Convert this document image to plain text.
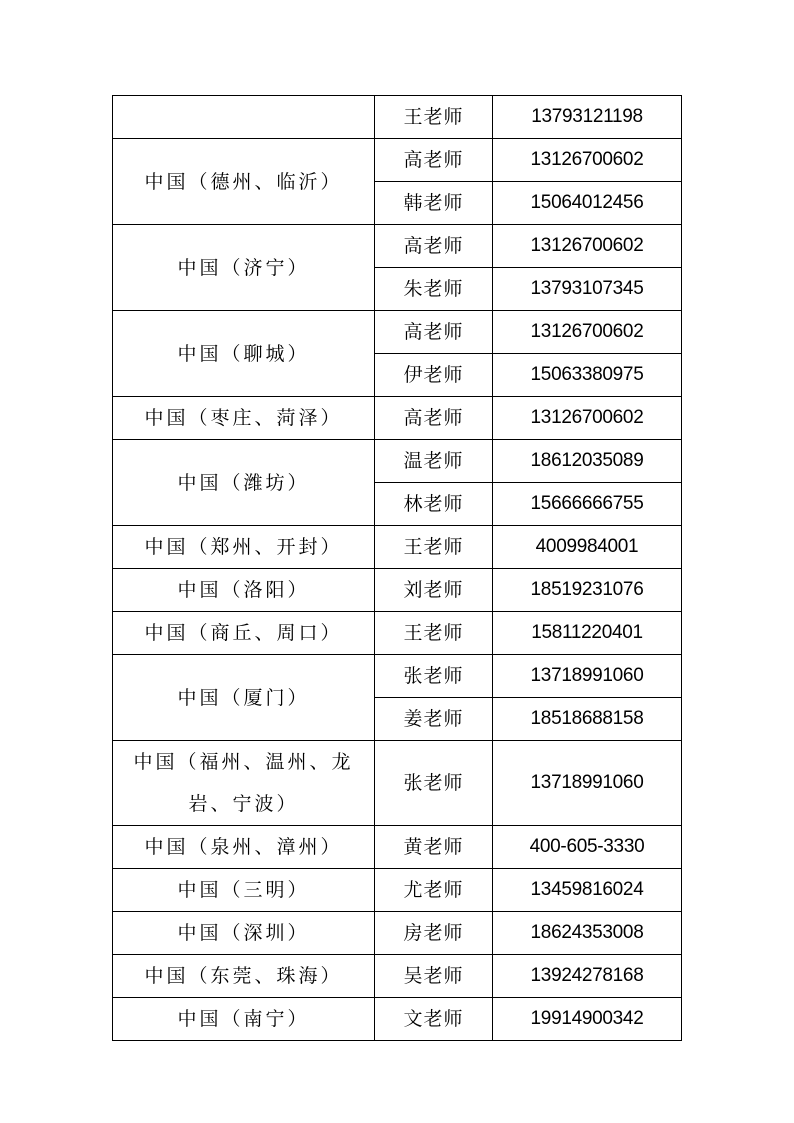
	王老师	13793121198
中国（德州、临沂）	高老师	13126700602
	韩老师	15064012456
中国（济宁）	高老师	13126700602
	朱老师	13793107345
中国（聊城）	高老师	13126700602
	伊老师	15063380975
中国（枣庄、菏泽）	高老师	13126700602
中国（潍坊）	温老师	18612035089
	林老师	15666666755
中国（郑州、开封）	王老师	4009984001
中国（洛阳）	刘老师	18519231076
中国（商丘、周口）	王老师	15811220401
中国（厦门）	张老师	13718991060
	姜老师	18518688158
中国（福州、温州、龙岩、宁波）	张老师	13718991060
中国（泉州、漳州）	黄老师	400-605-3330
中国（三明）	尤老师	13459816024
中国（深圳）	房老师	18624353008
中国（东莞、珠海）	吴老师	13924278168
中国（南宁）	文老师	19914900342
